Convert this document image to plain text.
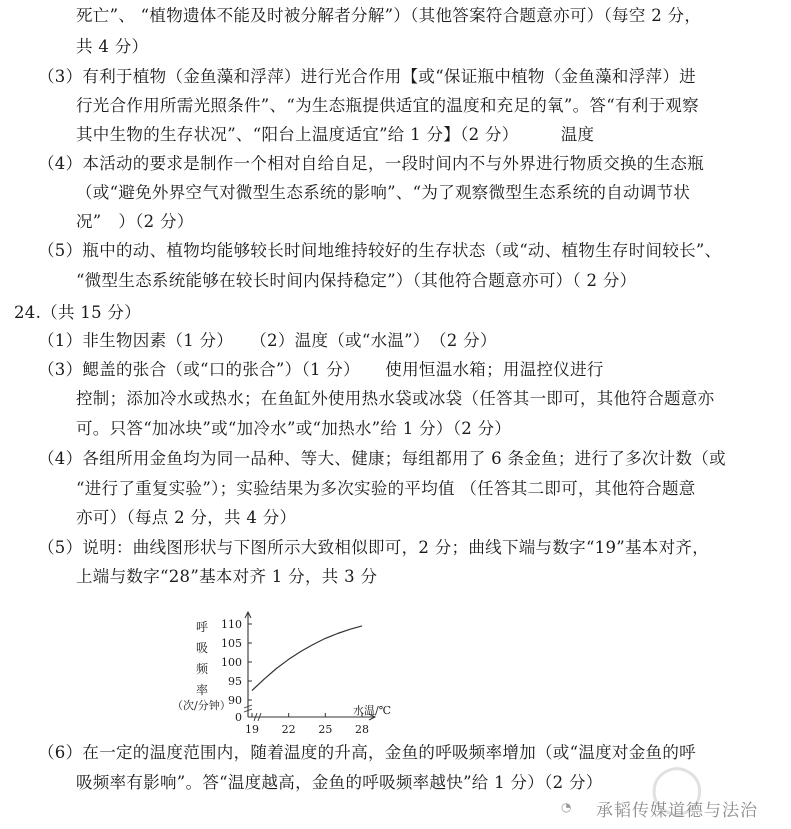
死亡”、 “植物遗体不能及时被分解者分解”）（其他答案符合题意亦可）（每空 2 分，
共 4 分）
（3）有利于植物（金鱼藻和浮萍）进行光合作用【或“保证瓶中植物（金鱼藻和浮萍）进
行光合作用所需光照条件”、“为生态瓶提供适宜的温度和充足的氧”。答“有利于观察
其中生物的生存状况”、“阳台上温度适宜”给 1 分】（2 分）　　　温度
（4）本活动的要求是制作一个相对自给自足，一段时间内不与外界进行物质交换的生态瓶
（或“避免外界空气对微型生态系统的影响”、“为了观察微型生态系统的自动调节状
况”　）（2 分）
（5）瓶中的动、植物均能够较长时间地维持较好的生存状态（或“动、植物生存时间较长”、
“微型生态系统能够在较长时间内保持稳定”）（其他符合题意亦可）（ 2 分）
24.（共 15 分）
（1）非生物因素（1 分）　　（2）温度（或“水温”）　（2 分）
（3）鳃盖的张合（或“口的张合”）（1 分）　　使用恒温水箱；用温控仪进行
控制；添加冷水或热水；在鱼缸外使用热水袋或冰袋（任答其一即可，其他符合题意亦
可。只答“加冰块”或“加冷水”或“加热水”给 1 分）（2 分）
（4）各组所用金鱼均为同一品种、等大、健康；每组都用了 6 条金鱼；进行了多次计数（或
“进行了重复实验”）；实验结果为多次实验的平均值 （任答其二即可，其他符合题意
亦可）（每点 2 分，共 4 分）
（5）说明：曲线图形状与下图所示大致相似即可，2 分；曲线下端与数字“19”基本对齐，
上端与数字“28”基本对齐 1 分，共 3 分
（6）在一定的温度范围内，随着温度的升高，金鱼的呼吸频率增加（或“温度对金鱼的呼
吸频率有影响”。答“温度越高，金鱼的呼吸频率越快”给 1 分）（2 分）
呼
吸
频
率
（次/分钟）
0
水温/℃
90
95
100
105
110
19 22 25 28
◯
◔ 承韬传媒道德与法治
